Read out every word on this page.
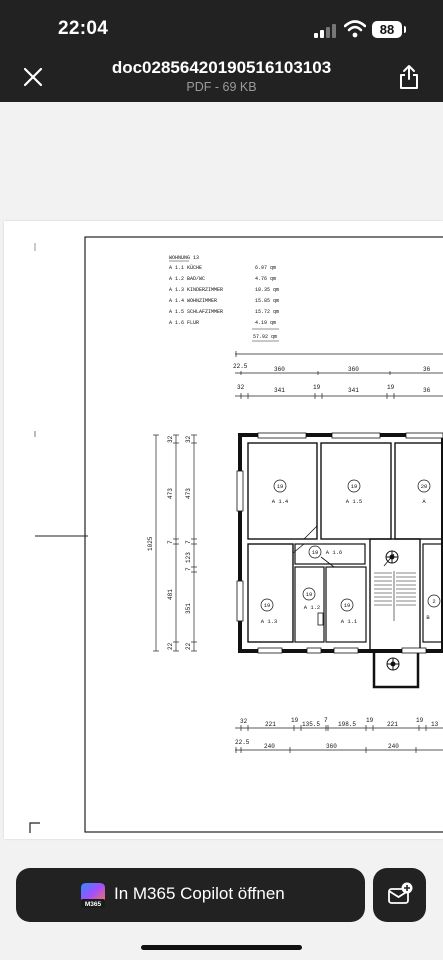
22:04	88
doc02856420190516103103
PDF - 69 KB
WOHNUNG 13
A 1.1 KÜCHE	6.97 qm
A 1.2 BAD/WC	4.76 qm
A 1.3 KINDERZIMMER	10.35 qm
A 1.4 WOHNZIMMER	15.85 qm
A 1.5 SCHLAFZIMMER	15.72 qm
A 1.6 FLUR	4.19 qm
57.92 qm
22.5	360	360	36
32	341	19	341	19	36
1025
32
473
7
481
22
32
473
7
123
7
351
22
19
A 1.4
19
A 1.5
20
A
19 A 1.6
19
A 1.3
19
A 1.2	19
A 1.1
2
B
32	221
19
135.5
7
198.5
19
221
19
13
22.5
240	360	240
M365
In M365 Copilot öffnen
